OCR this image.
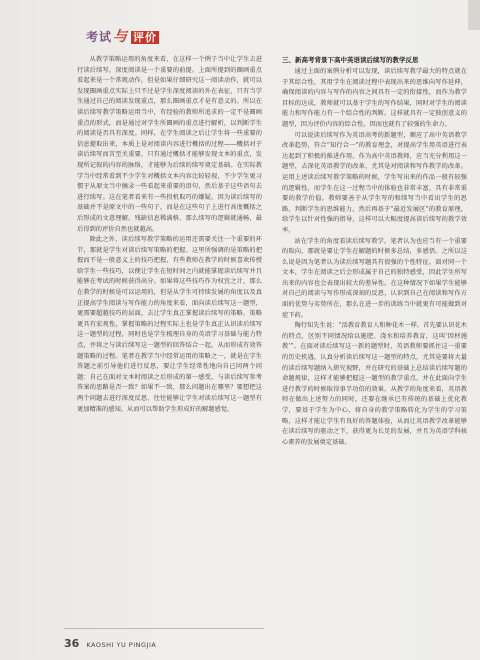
考试与 评价

从教学策略运用的角度来看，在这样一个例子当中让学生去进行读后续写，深度阅读是一个重要的前提。上面所提到的圈画重点看起来是一个常规动作，但是如果仔细研究这一阅读动作，就可以发现圈画重点实际上只不过是学生深度阅读的外在表征，只有当学生通过自己的阅读发现重点，那么圈画重点才是有意义的。所以在读后续写教学策略运用当中，有经验的教师所追求的一定不是圈画重点的形式，而是通过对学生所圈画的重点进行解析，以判断学生的阅读是否具有深度。同样，在学生阅读之后让学生将一些重要的信息提取出来，本质上是对阅读内容进行概括的过程——概括对于读后续写而言至关重要，只有通过概括才能够发现文本的重点，发现所记叙的内容的脉络，才能够为后续的续写奠定基础。在实际教学当中经常看到不少学生对概括文本内容比较轻视，不少学生更习惯于从原文当中摘录一些看起来重要的语句，然后基于这些语句去进行续写。这在笔者看来有一些投机取巧的嫌疑，因为读后续写的基础并不是原文中的一些句子，而是在这些句子上进行高度概括之后形成的文意理解。残缺信息稀满格、那么续写的逻辑就通畅，最后得到的评价自然也就越高。

除此之外，读后续写教学策略的运用还需要关注一个重要的环节，那就是学生对读后续写策略的把握。这里所强调的是策略的把握而不是一般意义上的技巧把握，有些教师在教学的时候喜欢传授给学生一些技巧，以便让学生在短时间之内就能掌握读后续写并且能够在考试的时候获得高分。如果将这些技巧作为权宜之计，那么在教学的时候是可以运用的，但是从学生可持续发展的角度以及真正提高学生阅读与写作能力的角度来看，面向读后续写这一题型，更需要超越技巧的层面，去让学生真正掌握读后续写的策略。策略更具有宏观性，掌握策略的过程实际上也是学生真正认识读后续写这一题型的过程，同时也是学生梳理自身的英语学习基础与能力特点，并将之与读后续写这一题型的回答结合一起，从而形成有效答题策略的过程。笔者在教学当中经常运用的策略之一，就是在学生答题之前引导他们进行反思，要让学生经常性地向自己问两个问题：自己在面对文本时阅读之后形成的第一感受，与读后续写参考答案的思路是否一致？如果不一致，那么问题出在哪里？要想把这两个问题去进行深度反思，往往能够让学生对读后续写这一题型有更加精准的感知，从而可以帮助学生形成好的解题感觉。

三、新高考背景下高中英语读后续写的教学反思

通过上面的案例分析可以发现，读后续写教学最大的特点就在于其综合性，其用学生在阅读过程中表现出来的思维向写作延伸，确保阅读的内容与写作的内容之间具有一定的衔接性，而作为教学目标的达成，教师就可以基于学生的写作结果，同时对学生的阅读能力和写作能力有一个综合性的判断。这样就具有一定独创意义的题型，因为评价内容的综合性，因而也就有了较强的生命力。

可以说读后续写作为英语高考的新题型，顺应了高中英语教学改革趋势，符合“知行合一”的教育理念，对提高学生用英语进行表达起到了积极的推进作用。作为高中英语教师，应当充分利用这一题型，去深化英语教学的改革，尤其是对阅读和写作教学的改革。运用上述读后续写教学策略的时候，学生写出来的作品一般有较强的逻辑性，而学生在这一过程当中的体验也非常丰富，具有非常重要的教学价值。教师要善于从学生写的和续写当中看出学生的思路，判断学生的思维能力，然后再基于“最近发展区”的教育原理，给学生以针对性强的指导，这样可以大幅度提高读后续写的教学效率。

站在学生的角度看读后续写教学，笔者认为也应当有一个重要的取向，那就是要让学生在解题的时候多总结，多感悟。之所以这么说是因为笔者认为读后续写题具有很强的个性特征，面对同一个文本，学生在阅读之后会形成属于自己的独特感受，因此学生所写出来的内容也会表现出较大的差异性。在这种情况下如果学生能够对自己的阅读与写作形成深刻的反思，认识到自己在阅读和写作方面的优势与劣势所在，那么在进一步的训练当中就更有可能做到对症下药。

陶行知先生说：“活教育教育人和种花木一样，首先要认识花木的特点，区别不同情况给以施肥、浇水和培养教育，这叫‘因材施教’”。在面对读后续写这一新的题型时，英语教师要抓住这一重要的历史机遇，认真分析读后续写这一题型的特点，尤其是要将大量的读后续写题纳入研究视野，并在研究的基础上总结读后续写题的命题规律，这样才能够把握这一题型的教学重点，并在此面向学生进行教学的时候取得事半功倍的效果。从教学的角度来看，英语教师在做出上述努力的同时，还要在继承已有传统的基础上优化教学，要基于学生为中心，将自身的教学策略转化为学生的学习策略，这样才能让学生有良好的答题体验，从而让英语教学改革能够在读后续写的驱动之下，获得更为长足的发展，并且为英语学科核心素养的发展奠定基础。

36 KAOSHI YU PINGJIA
